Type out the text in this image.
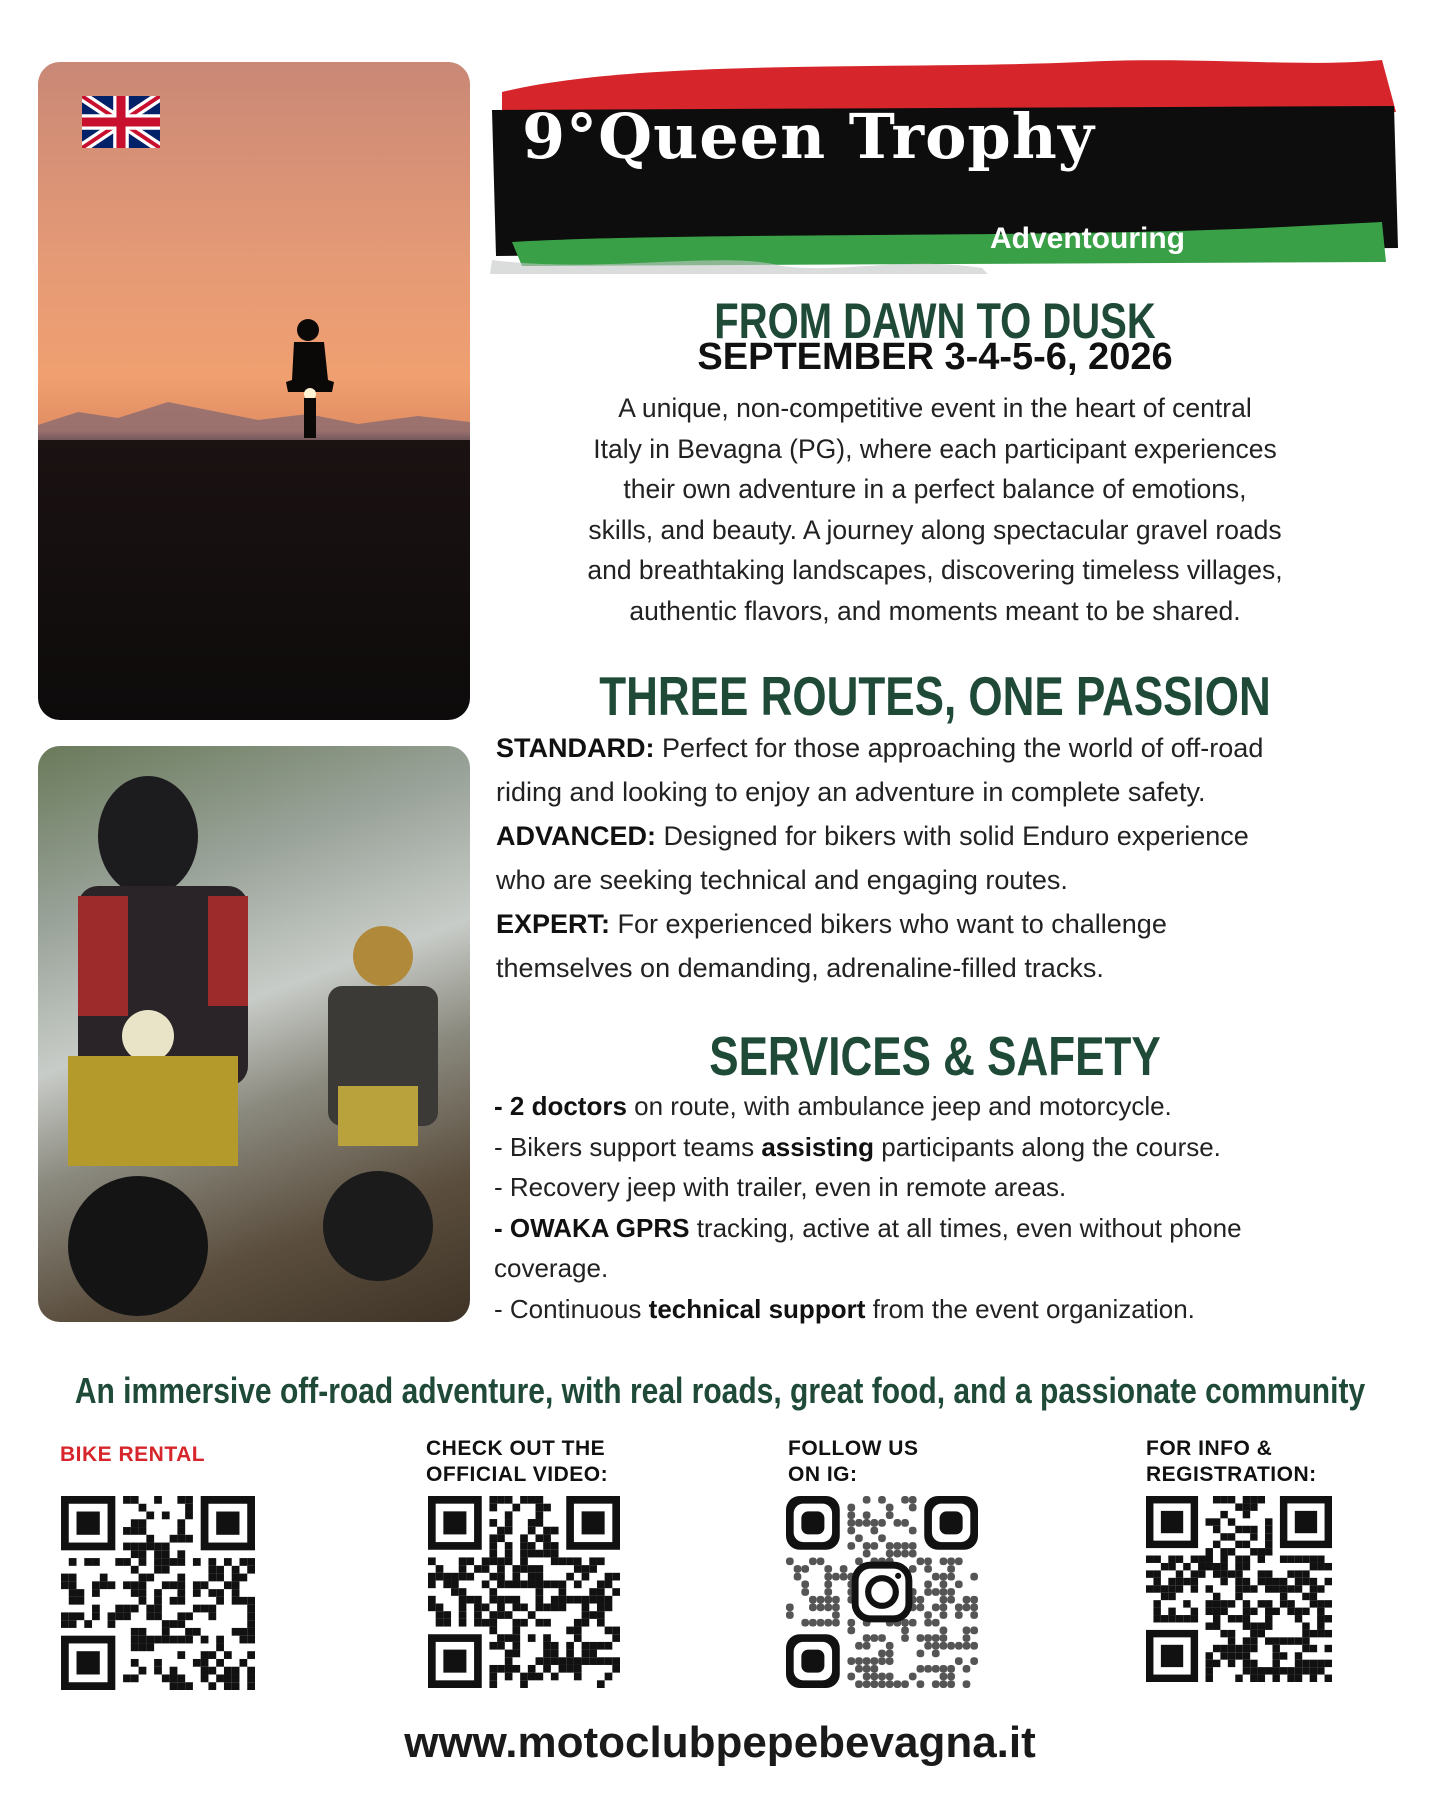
9°Queen Trophy
Adventouring
FROM DAWN TO DUSK
SEPTEMBER 3-4-5-6, 2026
A unique, non-competitive event in the heart of central
Italy in Bevagna (PG), where each participant experiences
their own adventure in a perfect balance of emotions,
skills, and beauty. A journey along spectacular gravel roads
and breathtaking landscapes, discovering timeless villages,
authentic flavors, and moments meant to be shared.
THREE ROUTES, ONE PASSION
STANDARD: Perfect for those approaching the world of off-road
riding and looking to enjoy an adventure in complete safety.
ADVANCED: Designed for bikers with solid Enduro experience
who are seeking technical and engaging routes.
EXPERT: For experienced bikers who want to challenge
themselves on demanding, adrenaline-filled tracks.
SERVICES & SAFETY
- 2 doctors on route, with ambulance jeep and motorcycle.
- Bikers support teams assisting participants along the course.
- Recovery jeep with trailer, even in remote areas.
- OWAKA GPRS tracking, active at all times, even without phone
coverage.
- Continuous technical support from the event organization.
An immersive off-road adventure, with real roads, great food, and a passionate community
BIKE RENTAL	CHECK OUT THE
OFFICIAL VIDEO:
FOLLOW US
ON IG:
FOR INFO &
REGISTRATION:
www.motoclubpepebevagna.it
